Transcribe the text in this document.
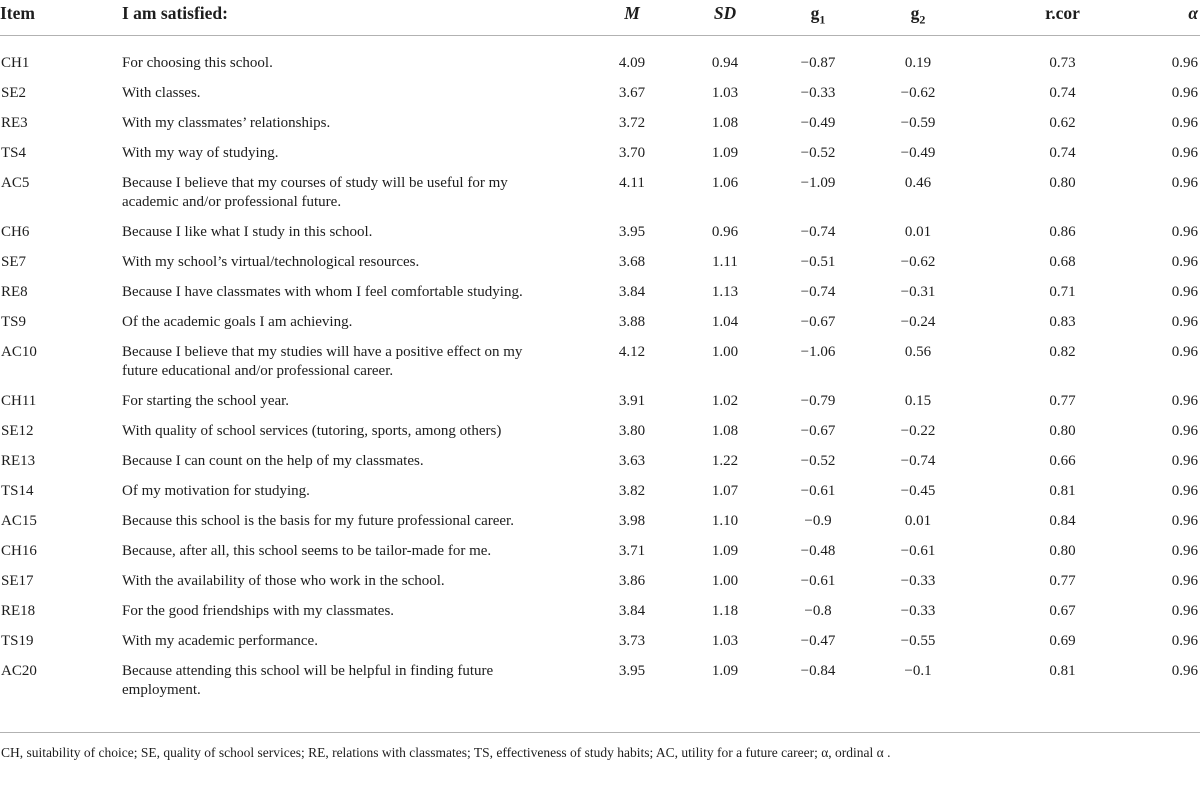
Item	I am satisfied:	M	SD	$g_1$	$g_2$	r.cor	α
CH1	For choosing this school.	4.09	0.94	−0.87	0.19	0.73	0.96
SE2	With classes.	3.67	1.03	−0.33	−0.62	0.74	0.96
RE3	With my classmates’ relationships.	3.72	1.08	−0.49	−0.59	0.62	0.96
TS4	With my way of studying.	3.70	1.09	−0.52	−0.49	0.74	0.96
AC5	Because I believe that my courses of study will be useful for my academic and/or professional future.	4.11	1.06	−1.09	0.46	0.80	0.96
CH6	Because I like what I study in this school.	3.95	0.96	−0.74	0.01	0.86	0.96
SE7	With my school’s virtual/technological resources.	3.68	1.11	−0.51	−0.62	0.68	0.96
RE8	Because I have classmates with whom I feel comfortable studying.	3.84	1.13	−0.74	−0.31	0.71	0.96
TS9	Of the academic goals I am achieving.	3.88	1.04	−0.67	−0.24	0.83	0.96
AC10	Because I believe that my studies will have a positive effect on my future educational and/or professional career.	4.12	1.00	−1.06	0.56	0.82	0.96
CH11	For starting the school year.	3.91	1.02	−0.79	0.15	0.77	0.96
SE12	With quality of school services (tutoring, sports, among others)	3.80	1.08	−0.67	−0.22	0.80	0.96
RE13	Because I can count on the help of my classmates.	3.63	1.22	−0.52	−0.74	0.66	0.96
TS14	Of my motivation for studying.	3.82	1.07	−0.61	−0.45	0.81	0.96
AC15	Because this school is the basis for my future professional career.	3.98	1.10	−0.9	0.01	0.84	0.96
CH16	Because, after all, this school seems to be tailor-made for me.	3.71	1.09	−0.48	−0.61	0.80	0.96
SE17	With the availability of those who work in the school.	3.86	1.00	−0.61	−0.33	0.77	0.96
RE18	For the good friendships with my classmates.	3.84	1.18	−0.8	−0.33	0.67	0.96
TS19	With my academic performance.	3.73	1.03	−0.47	−0.55	0.69	0.96
AC20	Because attending this school will be helpful in finding future employment.	3.95	1.09	−0.84	−0.1	0.81	0.96
CH, suitability of choice; SE, quality of school services; RE, relations with classmates; TS, effectiveness of study habits; AC, utility for a future career; α, ordinal α .
